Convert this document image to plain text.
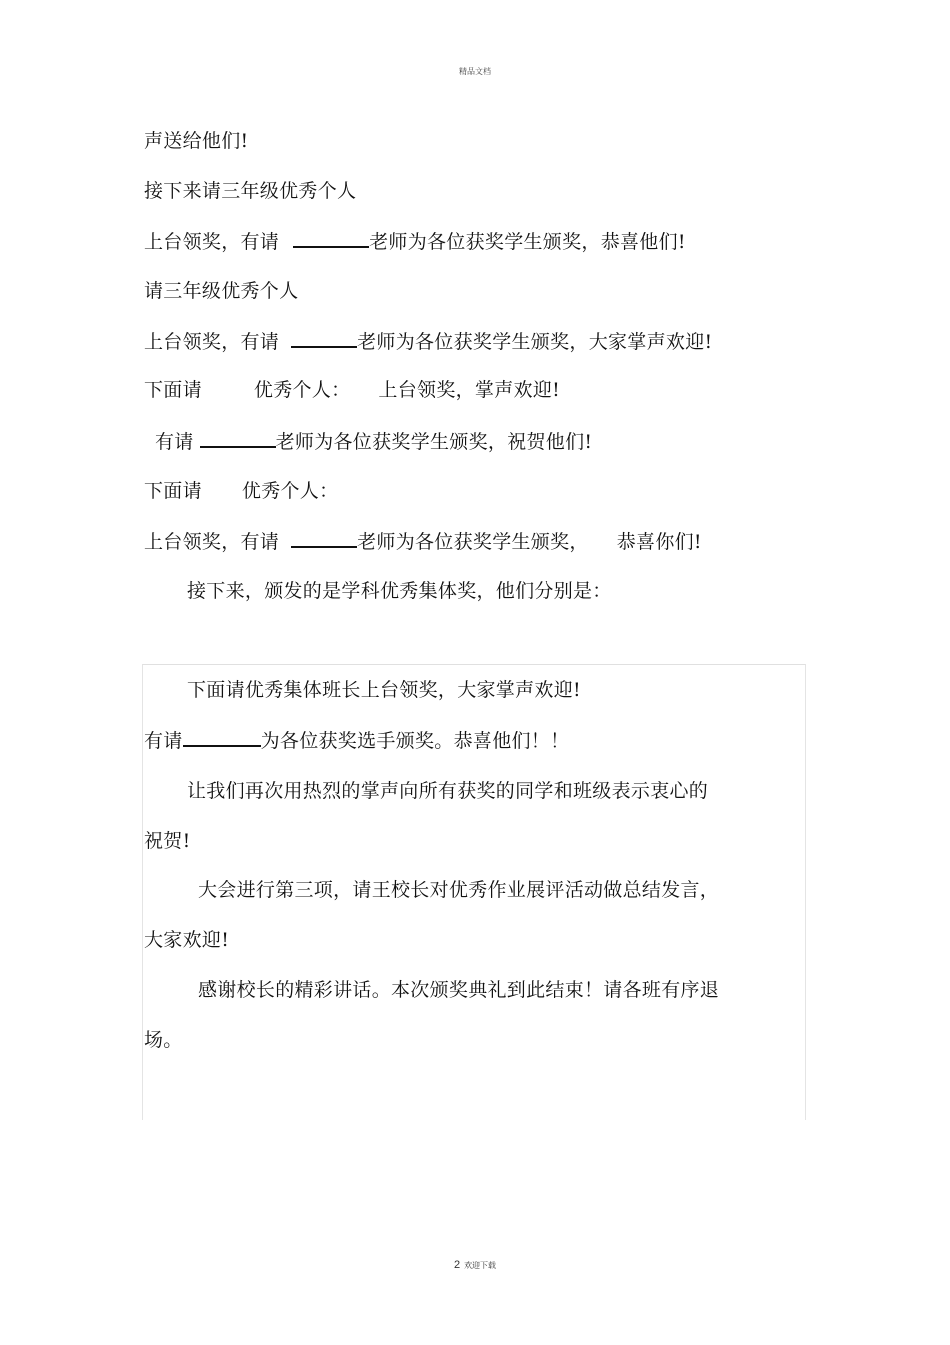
精品文档
声送给他们!
接下来请三年级优秀个人
上台领奖，有请	老师为各位获奖学生颁奖，恭喜他们!
请三年级优秀个人
上台领奖，有请	老师为各位获奖学生颁奖，大家掌声欢迎!
下面请	优秀个人： 上台领奖，掌声欢迎!
有请	老师为各位获奖学生颁奖，祝贺他们!
下面请 优秀个人：
上台领奖，有请	老师为各位获奖学生颁奖， 恭喜你们!
接下来，颁发的是学科优秀集体奖，他们分别是：
下面请优秀集体班长上台领奖，大家掌声欢迎!
有请	为各位获奖选手颁奖。恭喜他们！！
让我们再次用热烈的掌声向所有获奖的同学和班级表示衷心的
祝贺!
大会进行第三项，请王校长对优秀作业展评活动做总结发言，
大家欢迎!
感谢校长的精彩讲话。本次颁奖典礼到此结束！请各班有序退
场。
2 欢迎下载
